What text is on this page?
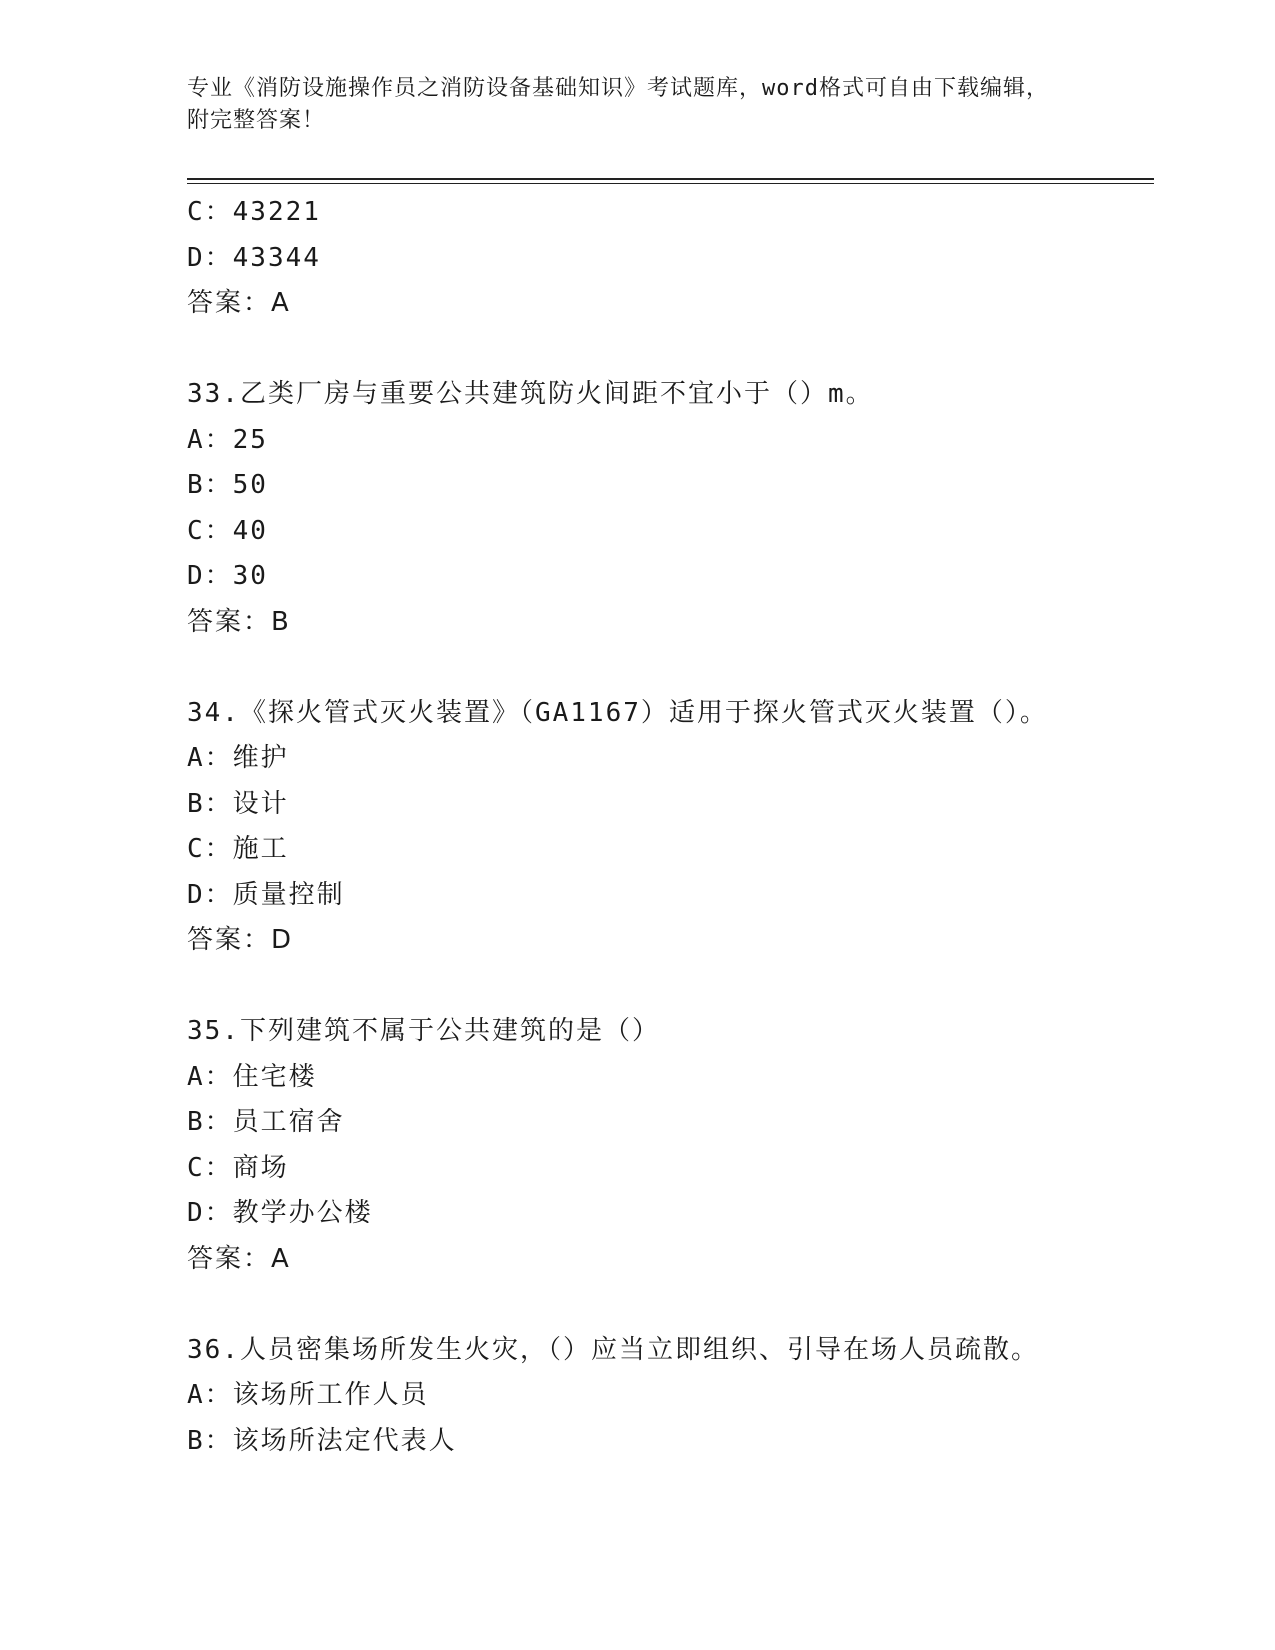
专业《消防设施操作员之消防设备基础知识》考试题库，word格式可自由下载编辑，附完整答案！
C：43221
D：43344
答案：A
33.乙类厂房与重要公共建筑防火间距不宜小于（）m。
A：25
B：50
C：40
D：30
答案：B
34.《探火管式灭火装置》（GA1167）适用于探火管式灭火装置（）。
A：维护
B：设计
C：施工
D：质量控制
答案：D
35.下列建筑不属于公共建筑的是（）
A：住宅楼
B：员工宿舍
C：商场
D：教学办公楼
答案：A
36.人员密集场所发生火灾，（）应当立即组织、引导在场人员疏散。
A：该场所工作人员
B：该场所法定代表人
